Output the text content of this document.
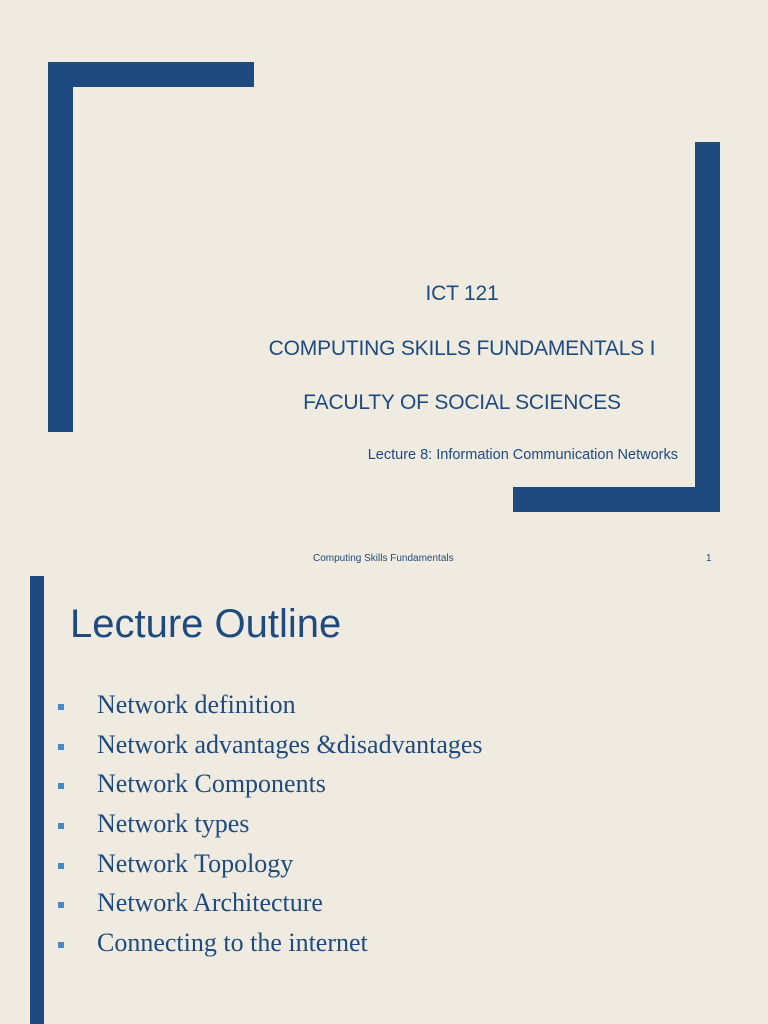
ICT 121
COMPUTING SKILLS FUNDAMENTALS I
FACULTY OF SOCIAL SCIENCES
Lecture 8: Information Communication Networks
Computing Skills Fundamentals	1
Lecture Outline
Network definition
Network advantages &disadvantages
Network Components
Network types
Network Topology
Network Architecture
Connecting to the internet
